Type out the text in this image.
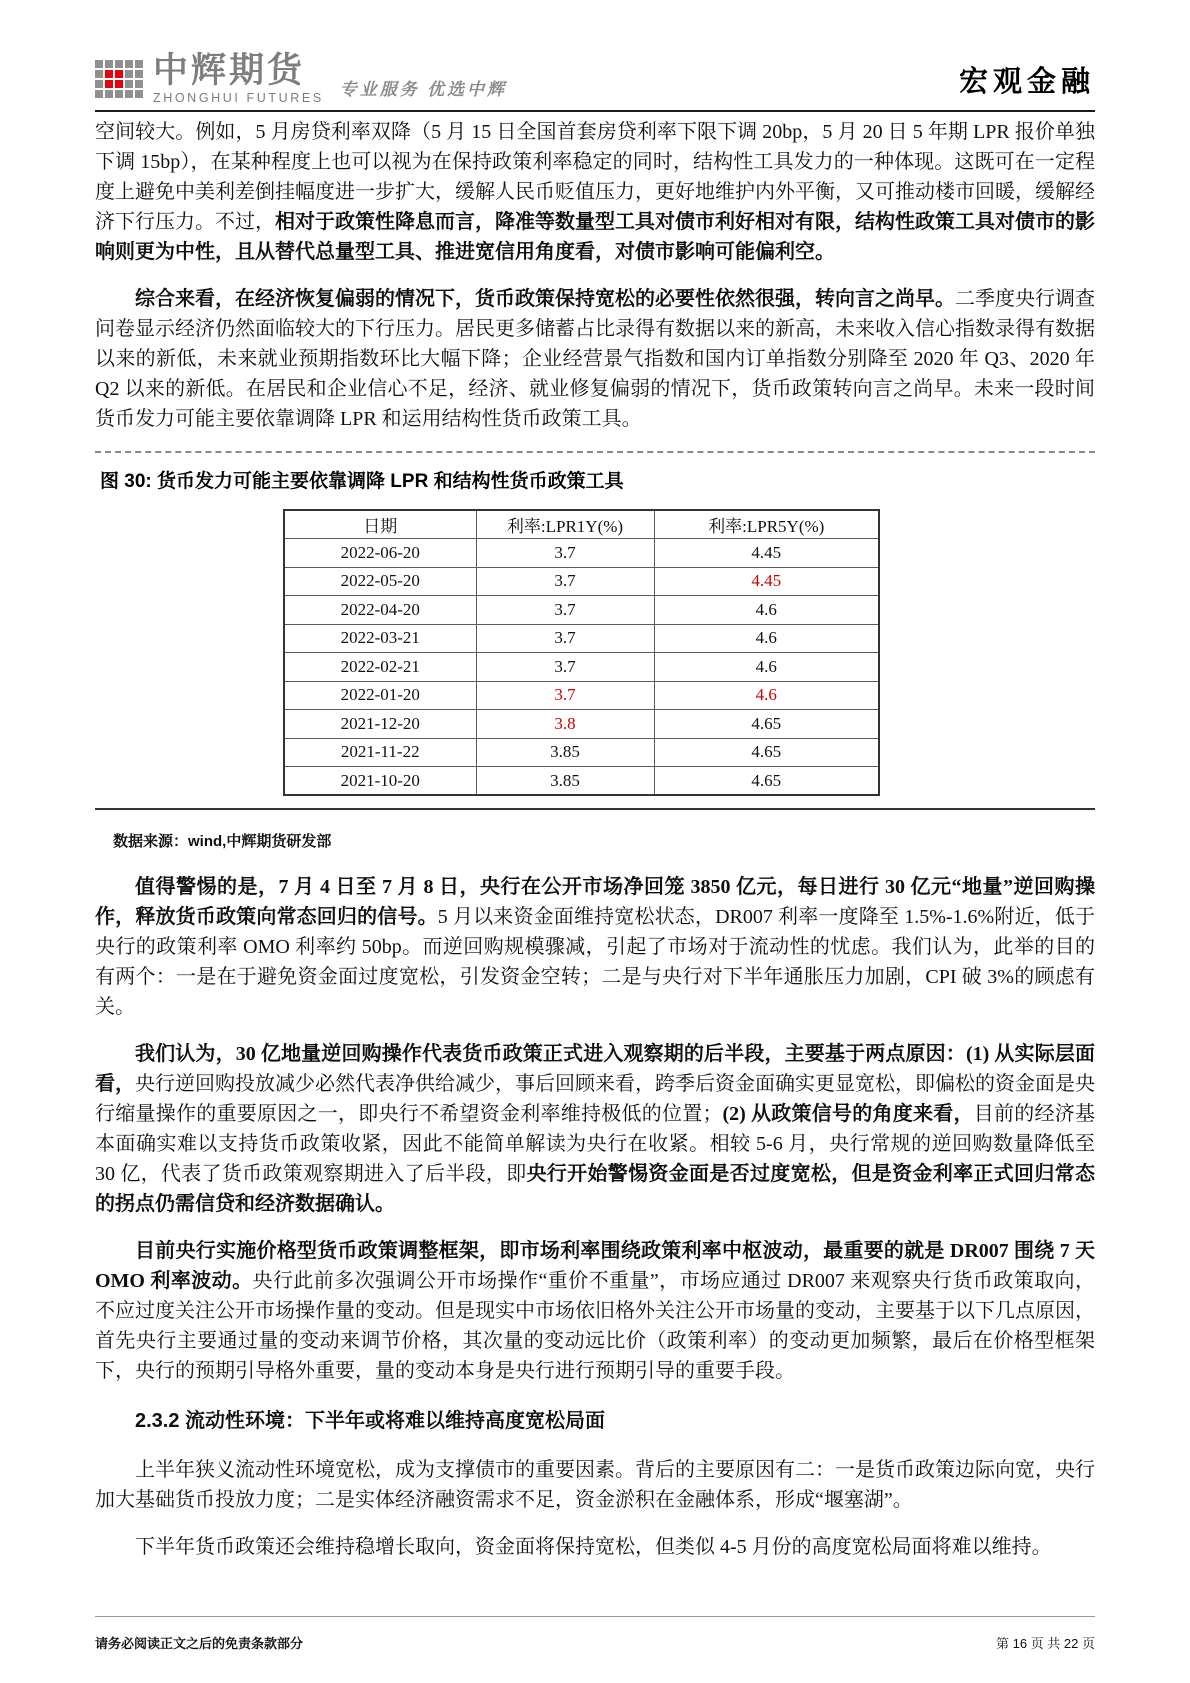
中辉期货
ZHONGHUI FUTURES 专业服务 优选中辉	宏观金融

空间较大。例如，5 月房贷利率双降（5 月 15 日全国首套房贷利率下限下调 20bp，5 月 20 日 5 年期 LPR 报价单独下调 15bp），在某种程度上也可以视为在保持政策利率稳定的同时，结构性工具发力的一种体现。这既可在一定程度上避免中美利差倒挂幅度进一步扩大，缓解人民币贬值压力，更好地维护内外平衡，又可推动楼市回暖，缓解经济下行压力。不过，相对于政策性降息而言，降准等数量型工具对债市利好相对有限，结构性政策工具对债市的影响则更为中性，且从替代总量型工具、推进宽信用角度看，对债市影响可能偏利空。

综合来看，在经济恢复偏弱的情况下，货币政策保持宽松的必要性依然很强，转向言之尚早。二季度央行调查问卷显示经济仍然面临较大的下行压力。居民更多储蓄占比录得有数据以来的新高，未来收入信心指数录得有数据以来的新低，未来就业预期指数环比大幅下降；企业经营景气指数和国内订单指数分别降至 2020 年 Q3、2020 年 Q2 以来的新低。在居民和企业信心不足，经济、就业修复偏弱的情况下，货币政策转向言之尚早。未来一段时间货币发力可能主要依靠调降 LPR 和运用结构性货币政策工具。

图 30: 货币发力可能主要依靠调降 LPR 和结构性货币政策工具
日期	利率:LPR1Y(%)	利率:LPR5Y(%)
2022-06-20	3.7	4.45
2022-05-20	3.7	4.45
2022-04-20	3.7	4.6
2022-03-21	3.7	4.6
2022-02-21	3.7	4.6
2022-01-20	3.7	4.6
2021-12-20	3.8	4.65
2021-11-22	3.85	4.65
2021-10-20	3.85	4.65
数据来源：wind,中辉期货研发部

值得警惕的是，7 月 4 日至 7 月 8 日，央行在公开市场净回笼 3850 亿元，每日进行 30 亿元“地量”逆回购操作，释放货币政策向常态回归的信号。5 月以来资金面维持宽松状态，DR007 利率一度降至 1.5%-1.6%附近，低于央行的政策利率 OMO 利率约 50bp。而逆回购规模骤减，引起了市场对于流动性的忧虑。我们认为，此举的目的有两个：一是在于避免资金面过度宽松，引发资金空转；二是与央行对下半年通胀压力加剧，CPI 破 3%的顾虑有关。

我们认为，30 亿地量逆回购操作代表货币政策正式进入观察期的后半段，主要基于两点原因：(1) 从实际层面看，央行逆回购投放减少必然代表净供给减少，事后回顾来看，跨季后资金面确实更显宽松，即偏松的资金面是央行缩量操作的重要原因之一，即央行不希望资金利率维持极低的位置；(2) 从政策信号的角度来看，目前的经济基本面确实难以支持货币政策收紧，因此不能简单解读为央行在收紧。相较 5-6 月，央行常规的逆回购数量降低至 30 亿，代表了货币政策观察期进入了后半段，即央行开始警惕资金面是否过度宽松，但是资金利率正式回归常态的拐点仍需信贷和经济数据确认。

目前央行实施价格型货币政策调整框架，即市场利率围绕政策利率中枢波动，最重要的就是 DR007 围绕 7 天 OMO 利率波动。央行此前多次强调公开市场操作“重价不重量”，市场应通过 DR007 来观察央行货币政策取向，不应过度关注公开市场操作量的变动。但是现实中市场依旧格外关注公开市场量的变动，主要基于以下几点原因，首先央行主要通过量的变动来调节价格，其次量的变动远比价（政策利率）的变动更加频繁，最后在价格型框架下，央行的预期引导格外重要，量的变动本身是央行进行预期引导的重要手段。

2.3.2 流动性环境：下半年或将难以维持高度宽松局面

上半年狭义流动性环境宽松，成为支撑债市的重要因素。背后的主要原因有二：一是货币政策边际向宽，央行加大基础货币投放力度；二是实体经济融资需求不足，资金淤积在金融体系，形成“堰塞湖”。

下半年货币政策还会维持稳增长取向，资金面将保持宽松，但类似 4-5 月份的高度宽松局面将难以维持。

请务必阅读正文之后的免责条款部分	第 16 页 共 22 页
